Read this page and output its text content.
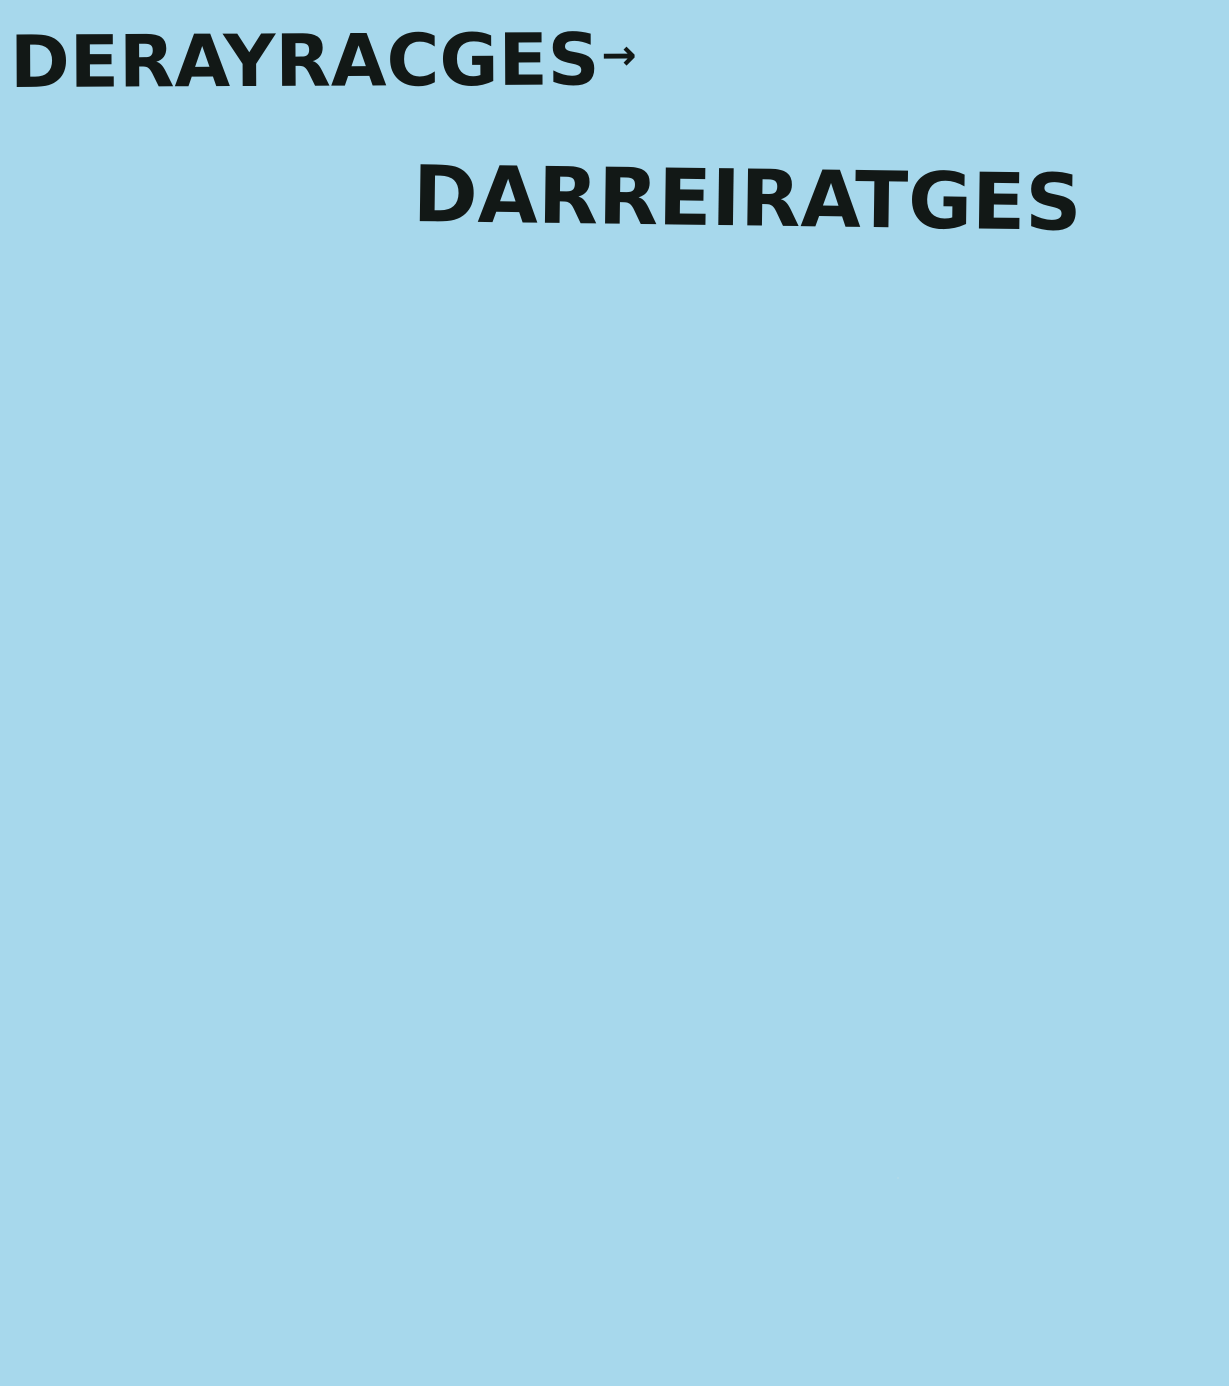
DERAYRACGES→
DARREIRATGES
